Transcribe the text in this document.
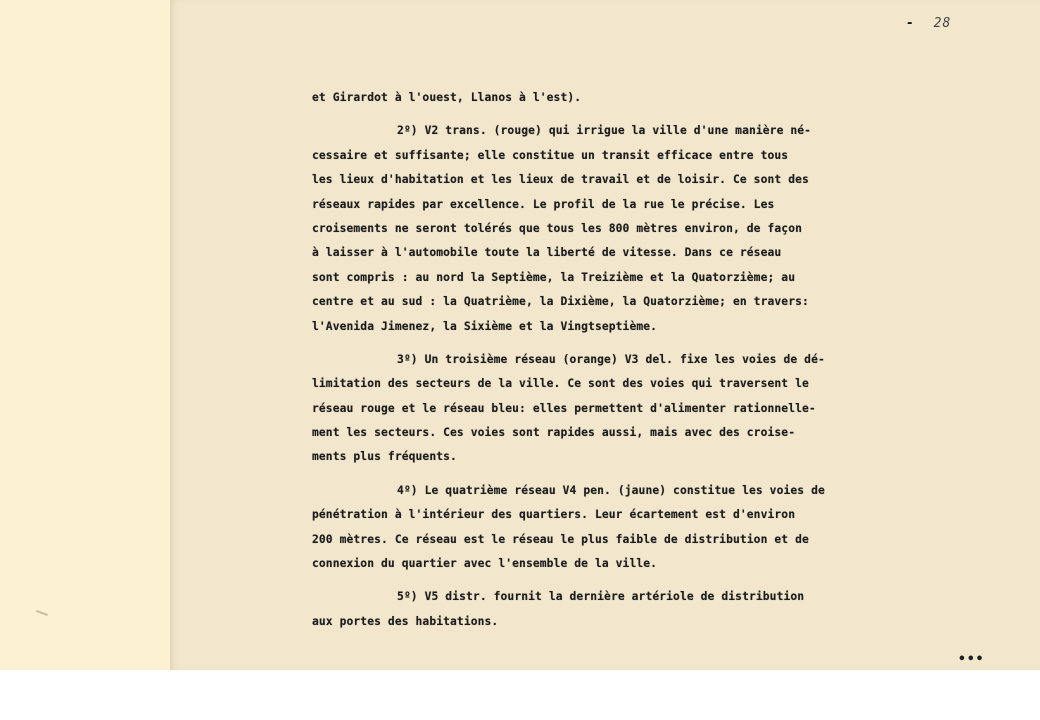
- 28
et Girardot à l'ouest, Llanos à l'est).
2º) V2 trans. (rouge) qui irrigue la ville d'une manière né-
cessaire et suffisante; elle constitue un transit efficace entre tous
les lieux d'habitation et les lieux de travail et de loisir. Ce sont des
réseaux rapides par excellence. Le profil de la rue le précise. Les
croisements ne seront tolérés que tous les 800 mètres environ, de façon
à laisser à l'automobile toute la liberté de vitesse. Dans ce réseau
sont compris : au nord la Septième, la Treizième et la Quatorzième; au
centre et au sud : la Quatrième, la Dixième, la Quatorzième; en travers:
l'Avenida Jimenez, la Sixième et la Vingtseptième.
3º) Un troisième réseau (orange) V3 del. fixe les voies de dé-
limitation des secteurs de la ville. Ce sont des voies qui traversent le
réseau rouge et le réseau bleu: elles permettent d'alimenter rationnelle-
ment les secteurs. Ces voies sont rapides aussi, mais avec des croise-
ments plus fréquents.
4º) Le quatrième réseau V4 pen. (jaune) constitue les voies de
pénétration à l'intérieur des quartiers. Leur écartement est d'environ
200 mètres. Ce réseau est le réseau le plus faible de distribution et de
connexion du quartier avec l'ensemble de la ville.
5º) V5 distr. fournit la dernière artériole de distribution
aux portes des habitations.
•••
